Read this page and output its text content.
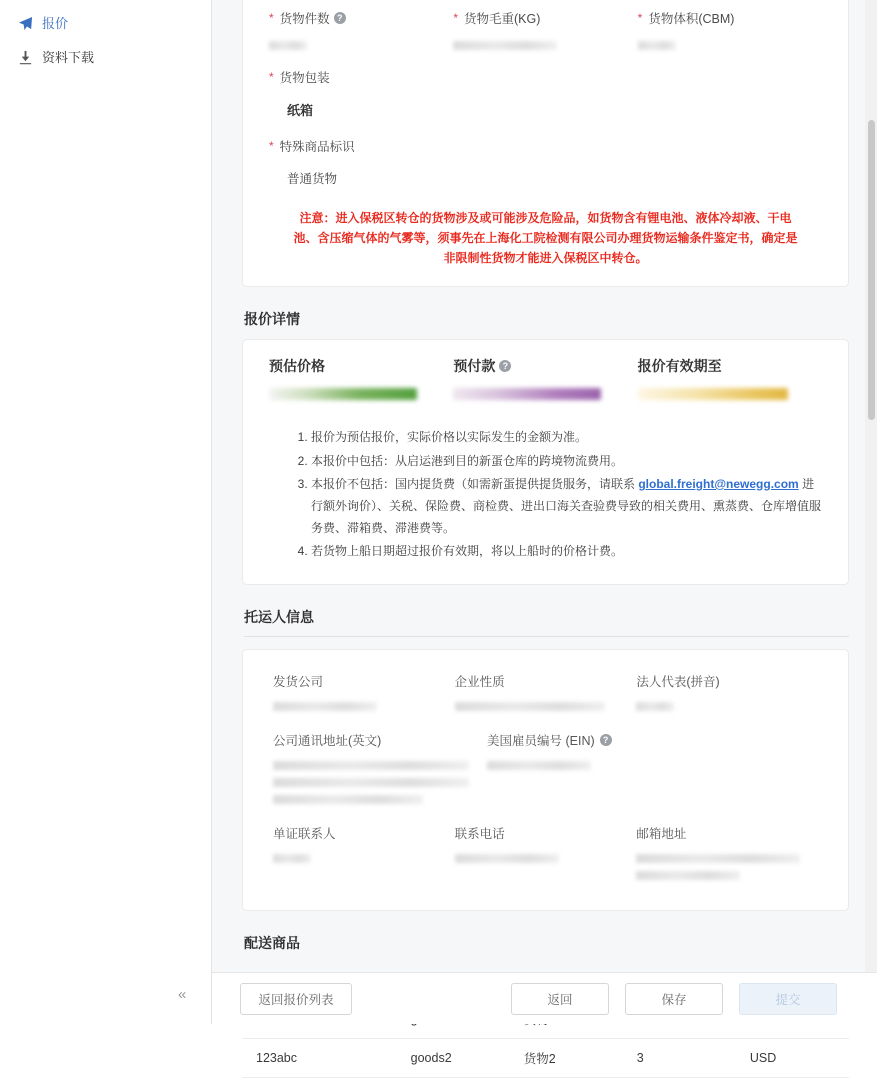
报价
资料下载
«
* 货物件数 ?	* 货物毛重(KG)	* 货物体积(CBM)
* 货物包装
纸箱
* 特殊商品标识
普通货物
注意：进入保税区转仓的货物涉及或可能涉及危险品，如货物含有锂电池、液体冷却液、干电池、含压缩气体的气雾等，须事先在上海化工院检测有限公司办理货物运输条件鉴定书，确定是非限制性货物才能进入保税区中转仓。
报价详情
预估价格	预付款 ?	报价有效期至
1. 报价为预估报价，实际价格以实际发生的金额为准。
2. 本报价中包括：从启运港到目的新蛋仓库的跨境物流费用。
3. 本报价不包括：国内提货费（如需新蛋提供提货服务，请联系 global.freight@newegg.com 进行额外询价）、关税、保险费、商检费、进出口海关查验费导致的相关费用、熏蒸费、仓库增值服务费、滞箱费、滞港费等。
4. 若货物上船日期超过报价有效期，将以上船时的价格计费。
托运人信息
发货公司	企业性质	法人代表(拼音)
公司通讯地址(英文)	美国雇员编号 (EIN) ?
单证联系人	联系电话	邮箱地址
配送商品

123abc	goods2	货物2	3	USD
返回报价列表	返回	保存	提交
